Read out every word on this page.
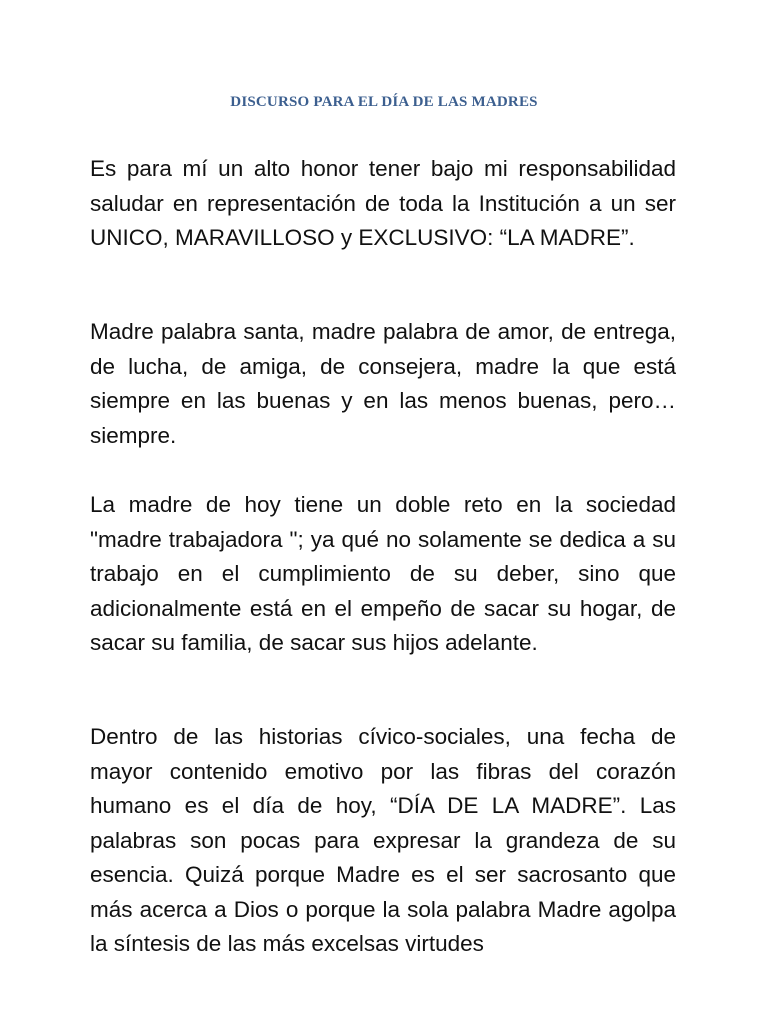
DISCURSO PARA EL DÍA DE LAS MADRES

Es para mí un alto honor tener bajo mi responsabilidad saludar en representación de toda la Institución a un ser UNICO, MARAVILLOSO y EXCLUSIVO: “LA MADRE”.

Madre palabra santa, madre palabra de amor, de entrega, de lucha, de amiga, de consejera, madre la que está siempre en las buenas y en las menos buenas, pero… siempre.

La madre de hoy tiene un doble reto en la sociedad "madre trabajadora "; ya qué no solamente se dedica a su trabajo en el cumplimiento de su deber, sino que adicionalmente está en el empeño de sacar su hogar, de sacar su familia, de sacar sus hijos adelante.

Dentro de las historias cívico-sociales, una fecha de mayor contenido emotivo por las fibras del corazón humano es el día de hoy, “DÍA DE LA MADRE”. Las palabras son pocas para expresar la grandeza de su esencia. Quizá porque Madre es el ser sacrosanto que más acerca a Dios o porque la sola palabra Madre agolpa la síntesis de las más excelsas virtudes
